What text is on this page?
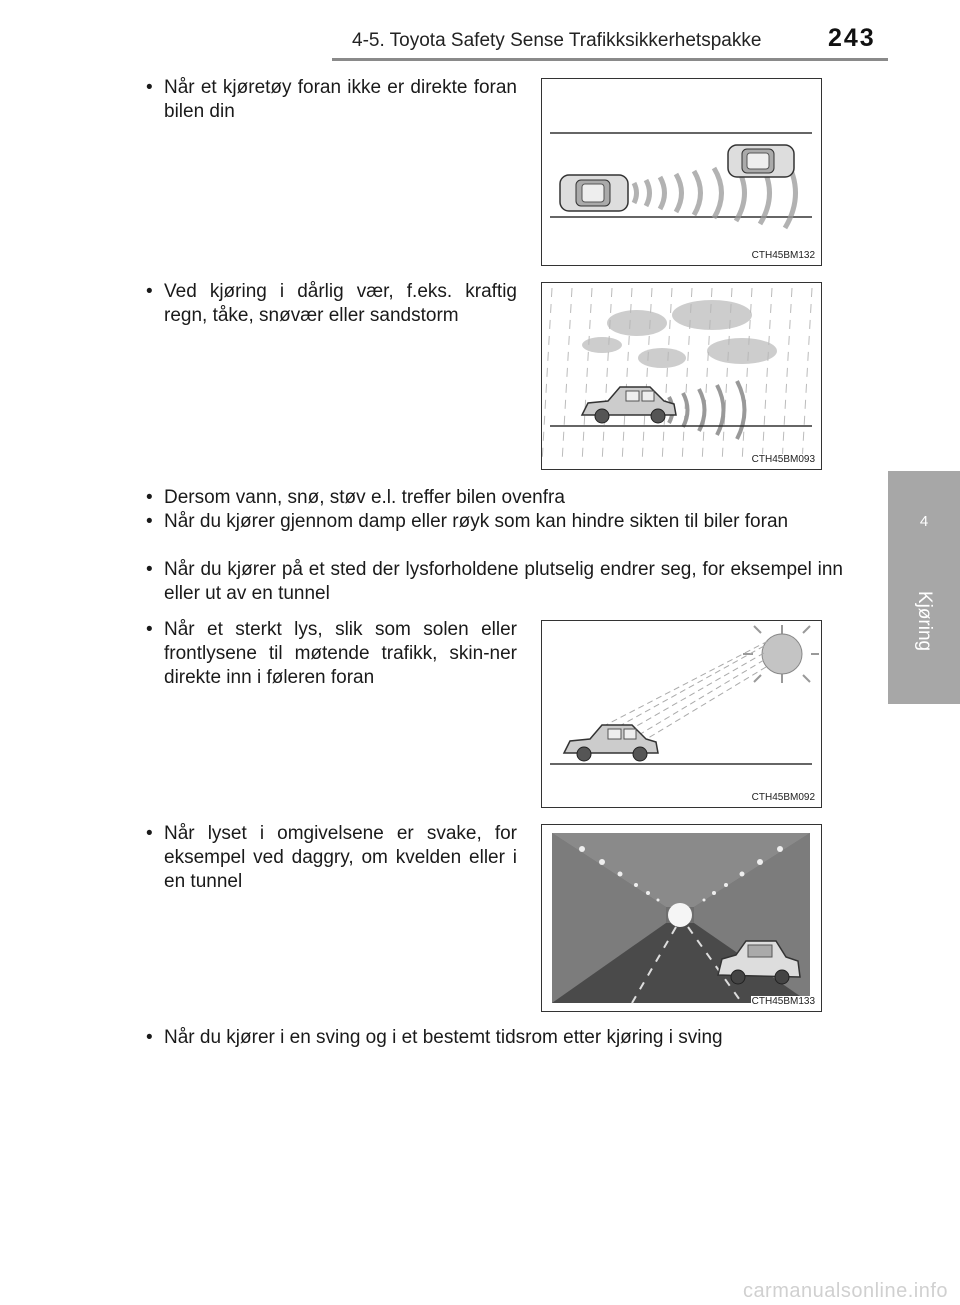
4-5. Toyota Safety Sense Trafikksikkerhetspakke	243
4
Kjøring
• Når et kjøretøy foran ikke er direkte foran bilen din
• Ved kjøring i dårlig vær, f.eks. kraftig regn, tåke, snøvær eller sandstorm
• Dersom vann, snø, støv e.l. treffer bilen ovenfra
• Når du kjører gjennom damp eller røyk som kan hindre sikten til biler foran
• Når du kjører på et sted der lysforholdene plutselig endrer seg, for eksempel inn eller ut av en tunnel
• Når et sterkt lys, slik som solen eller frontlysene til møtende trafikk, skin-ner direkte inn i føleren foran
• Når lyset i omgivelsene er svake, for eksempel ved daggry, om kvelden eller i en tunnel
• Når du kjører i en sving og i et bestemt tidsrom etter kjøring i sving
CTH45BM132
CTH45BM093
CTH45BM092
CTH45BM133
carmanualsonline.info
